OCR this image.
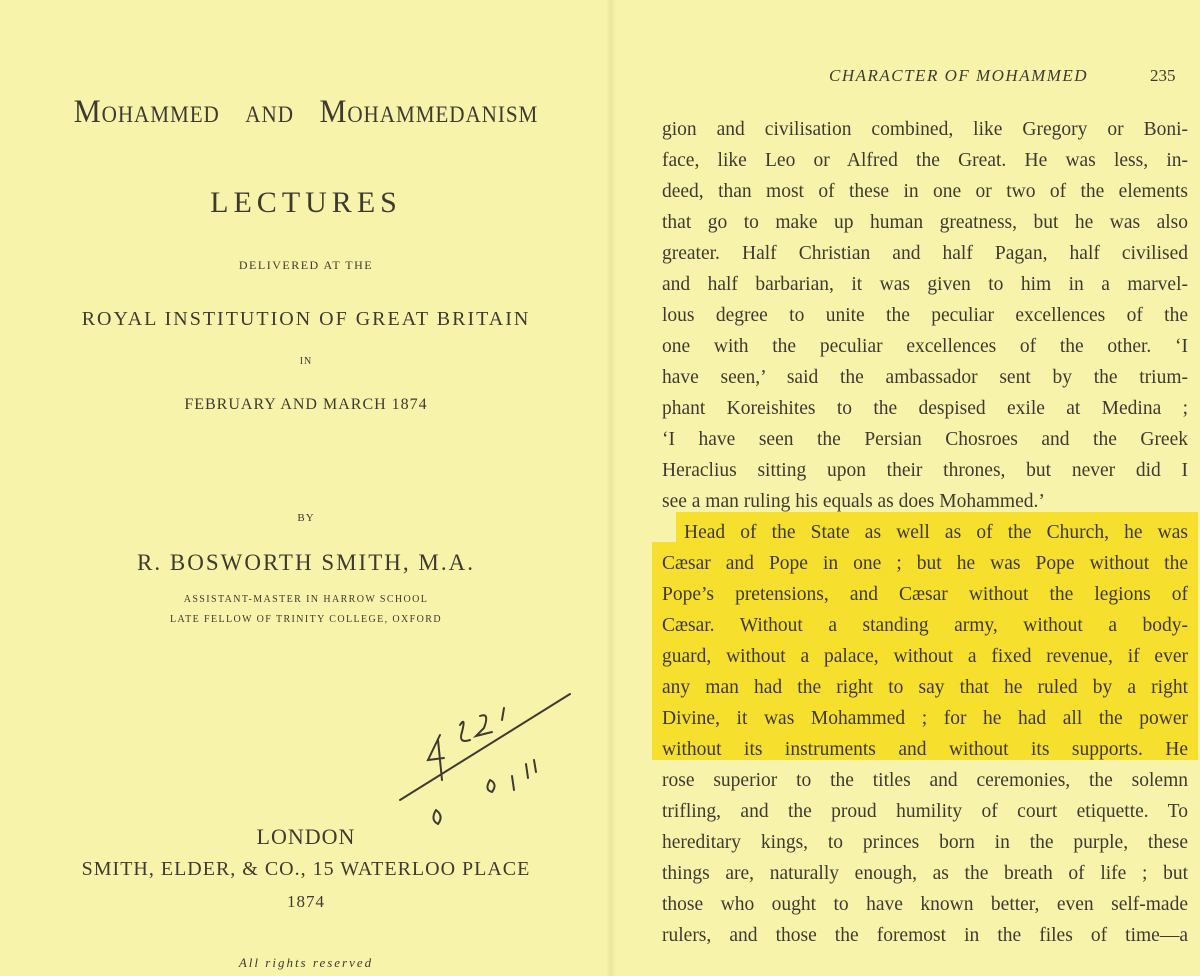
Mohammed and Mohammedanism
LECTURES
DELIVERED AT THE
ROYAL INSTITUTION OF GREAT BRITAIN
IN
FEBRUARY AND MARCH 1874
BY
R. BOSWORTH SMITH, M.A.
ASSISTANT-MASTER IN HARROW SCHOOL
LATE FELLOW OF TRINITY COLLEGE, OXFORD
LONDON
SMITH, ELDER, & CO., 15 WATERLOO PLACE
1874
All rights reserved
CHARACTER OF MOHAMMED	235
gion and civilisation combined, like Gregory or Boni-
face, like Leo or Alfred the Great. He was less, in-
deed, than most of these in one or two of the elements
that go to make up human greatness, but he was also
greater. Half Christian and half Pagan, half civilised
and half barbarian, it was given to him in a marvel-
lous degree to unite the peculiar excellences of the
one with the peculiar excellences of the other. ‘I
have seen,’ said the ambassador sent by the trium-
phant Koreishites to the despised exile at Medina ;
‘I have seen the Persian Chosroes and the Greek
Heraclius sitting upon their thrones, but never did I
see a man ruling his equals as does Mohammed.’
Head of the State as well as of the Church, he was
Cæsar and Pope in one ; but he was Pope without the
Pope’s pretensions, and Cæsar without the legions of
Cæsar. Without a standing army, without a body-
guard, without a palace, without a fixed revenue, if ever
any man had the right to say that he ruled by a right
Divine, it was Mohammed ; for he had all the power
without its instruments and without its supports. He
rose superior to the titles and ceremonies, the solemn
trifling, and the proud humility of court etiquette. To
hereditary kings, to princes born in the purple, these
things are, naturally enough, as the breath of life ; but
those who ought to have known better, even self-made
rulers, and those the foremost in the files of time—a
